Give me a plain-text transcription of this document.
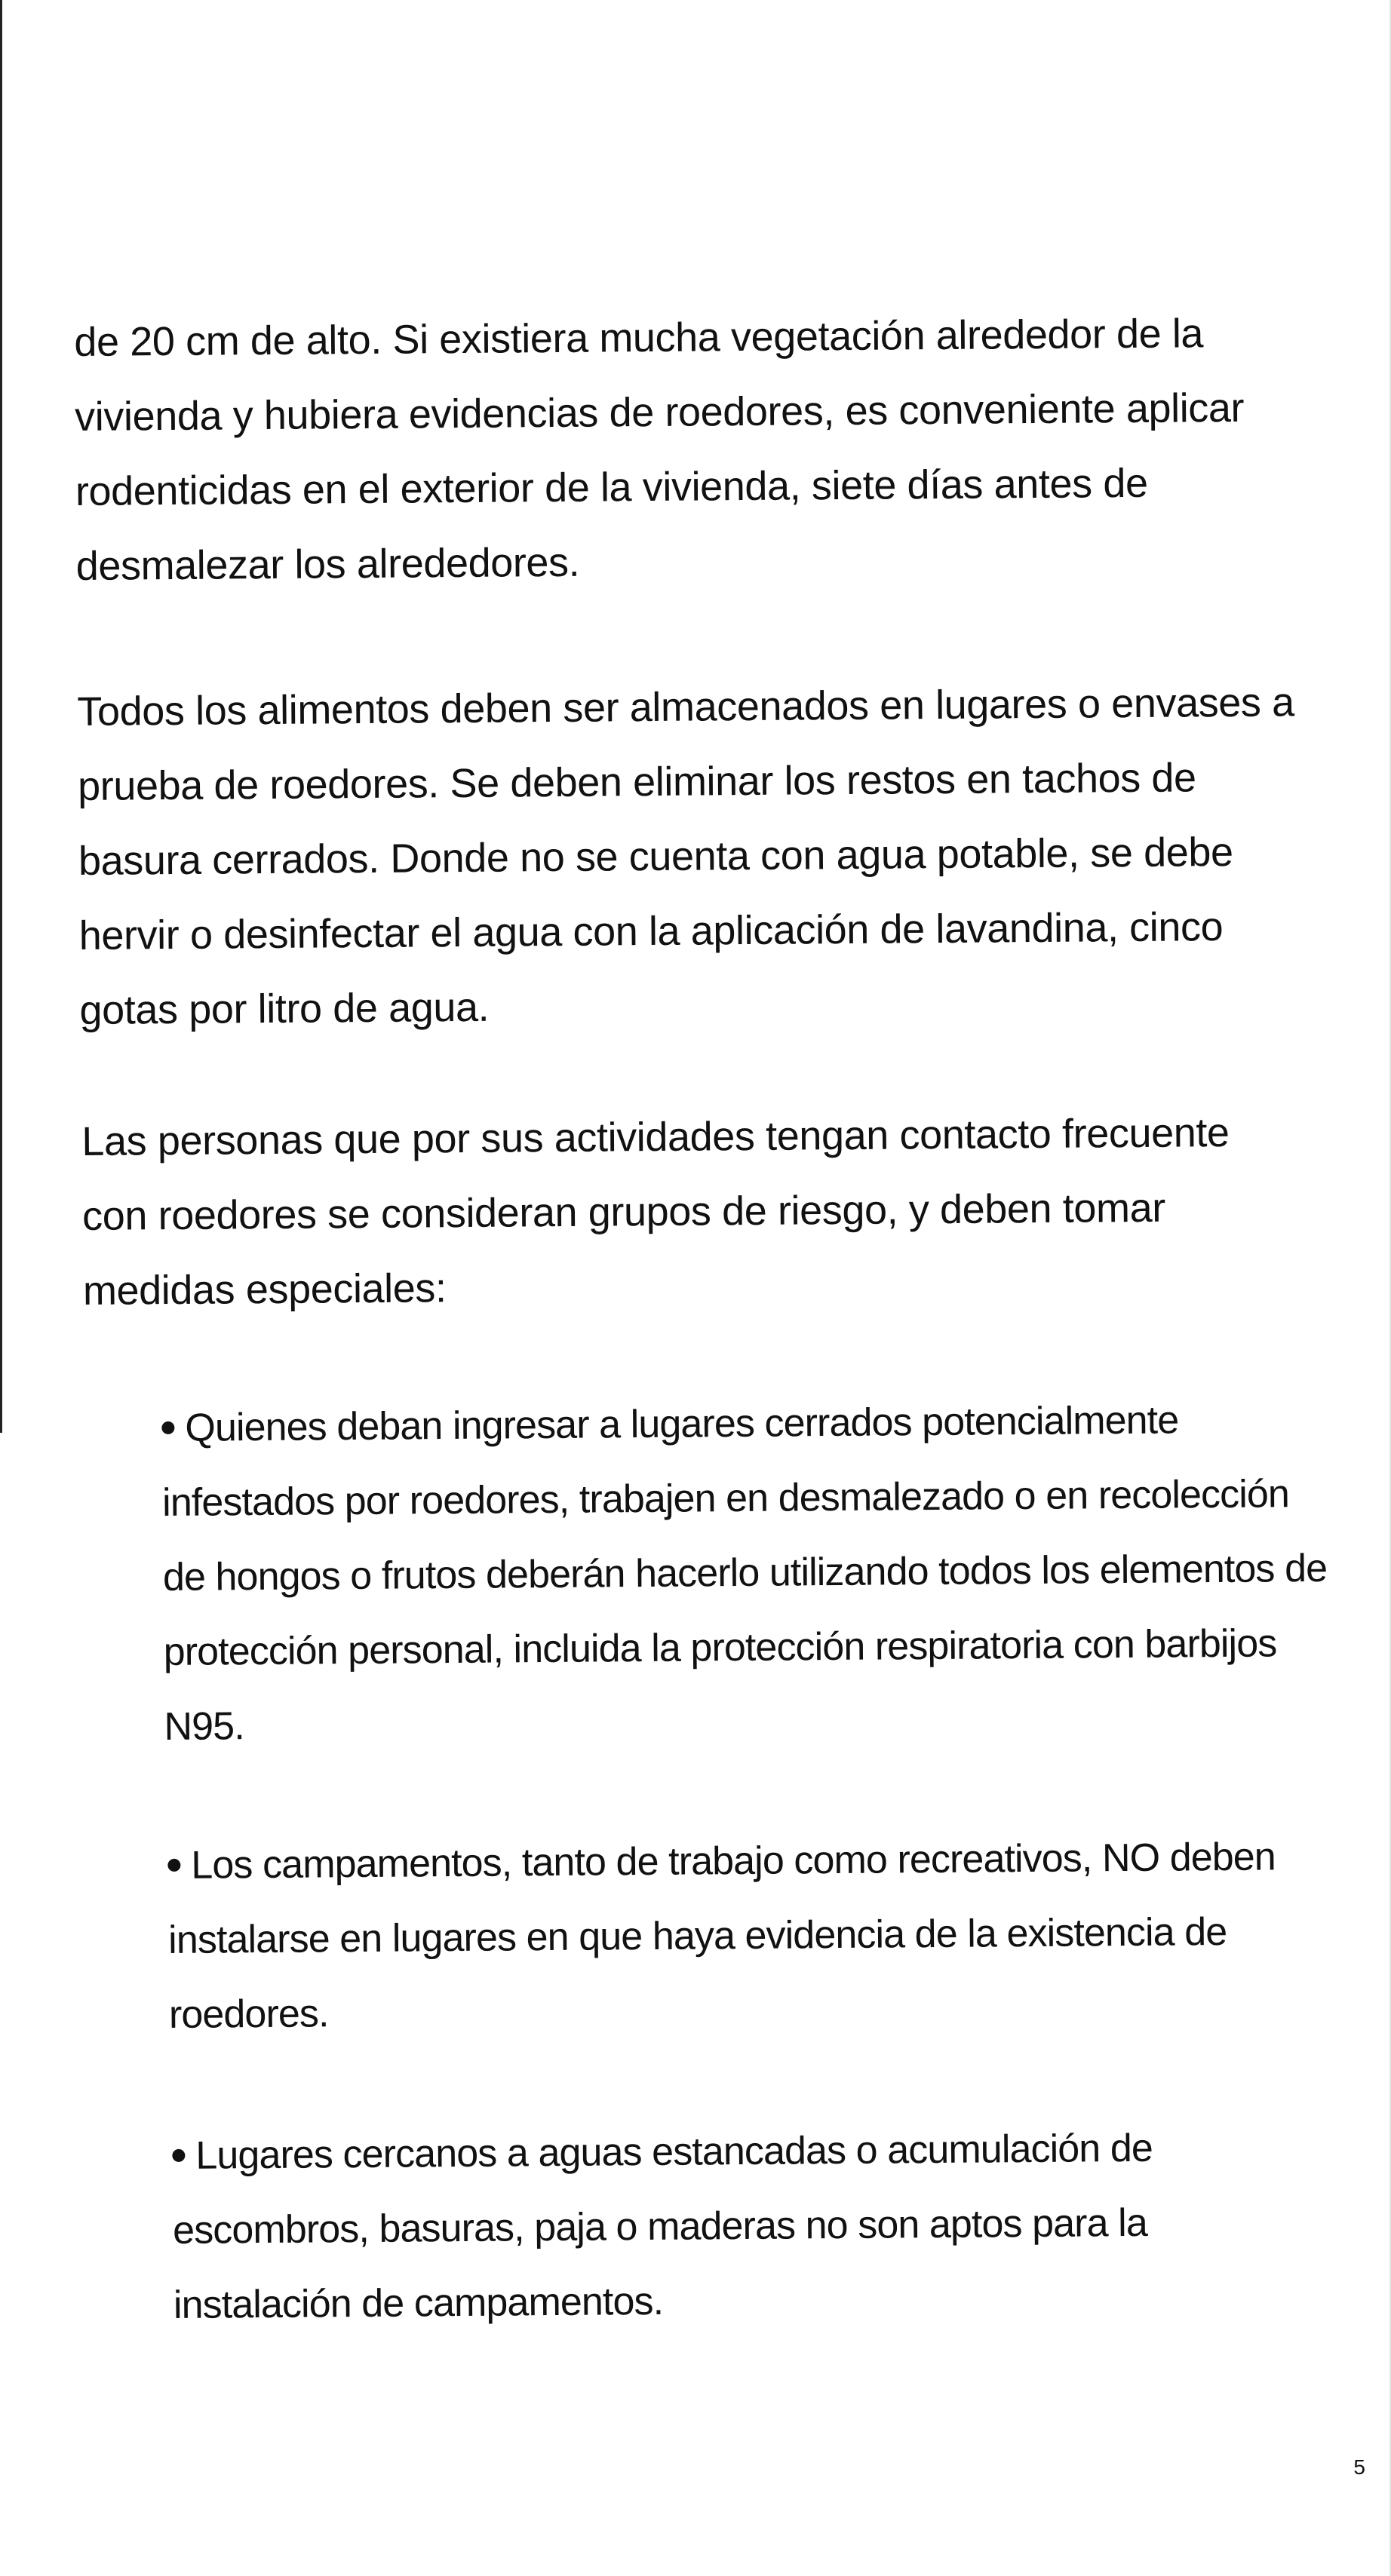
de 20 cm de alto. Si existiera mucha vegetación alrededor de la vivienda y hubiera evidencias de roedores, es conveniente aplicar rodenticidas en el exterior de la vivienda, siete días antes de desmalezar los alrededores.

Todos los alimentos deben ser almacenados en lugares o envases a prueba de roedores. Se deben eliminar los restos en tachos de basura cerrados. Donde no se cuenta con agua potable, se debe hervir o desinfectar el agua con la aplicación de lavandina, cinco gotas por litro de agua.

Las personas que por sus actividades tengan contacto frecuente con roedores se consideran grupos de riesgo, y deben tomar medidas especiales:

Quienes deban ingresar a lugares cerrados potencialmente infestados por roedores, trabajen en desmalezado o en recolección de hongos o frutos deberán hacerlo utilizando todos los elementos de protección personal, incluida la protección respiratoria con barbijos N95.

Los campamentos, tanto de trabajo como recreativos, NO deben instalarse en lugares en que haya evidencia de la existencia de roedores.

Lugares cercanos a aguas estancadas o acumulación de escombros, basuras, paja o maderas no son aptos para la instalación de campamentos.

5
